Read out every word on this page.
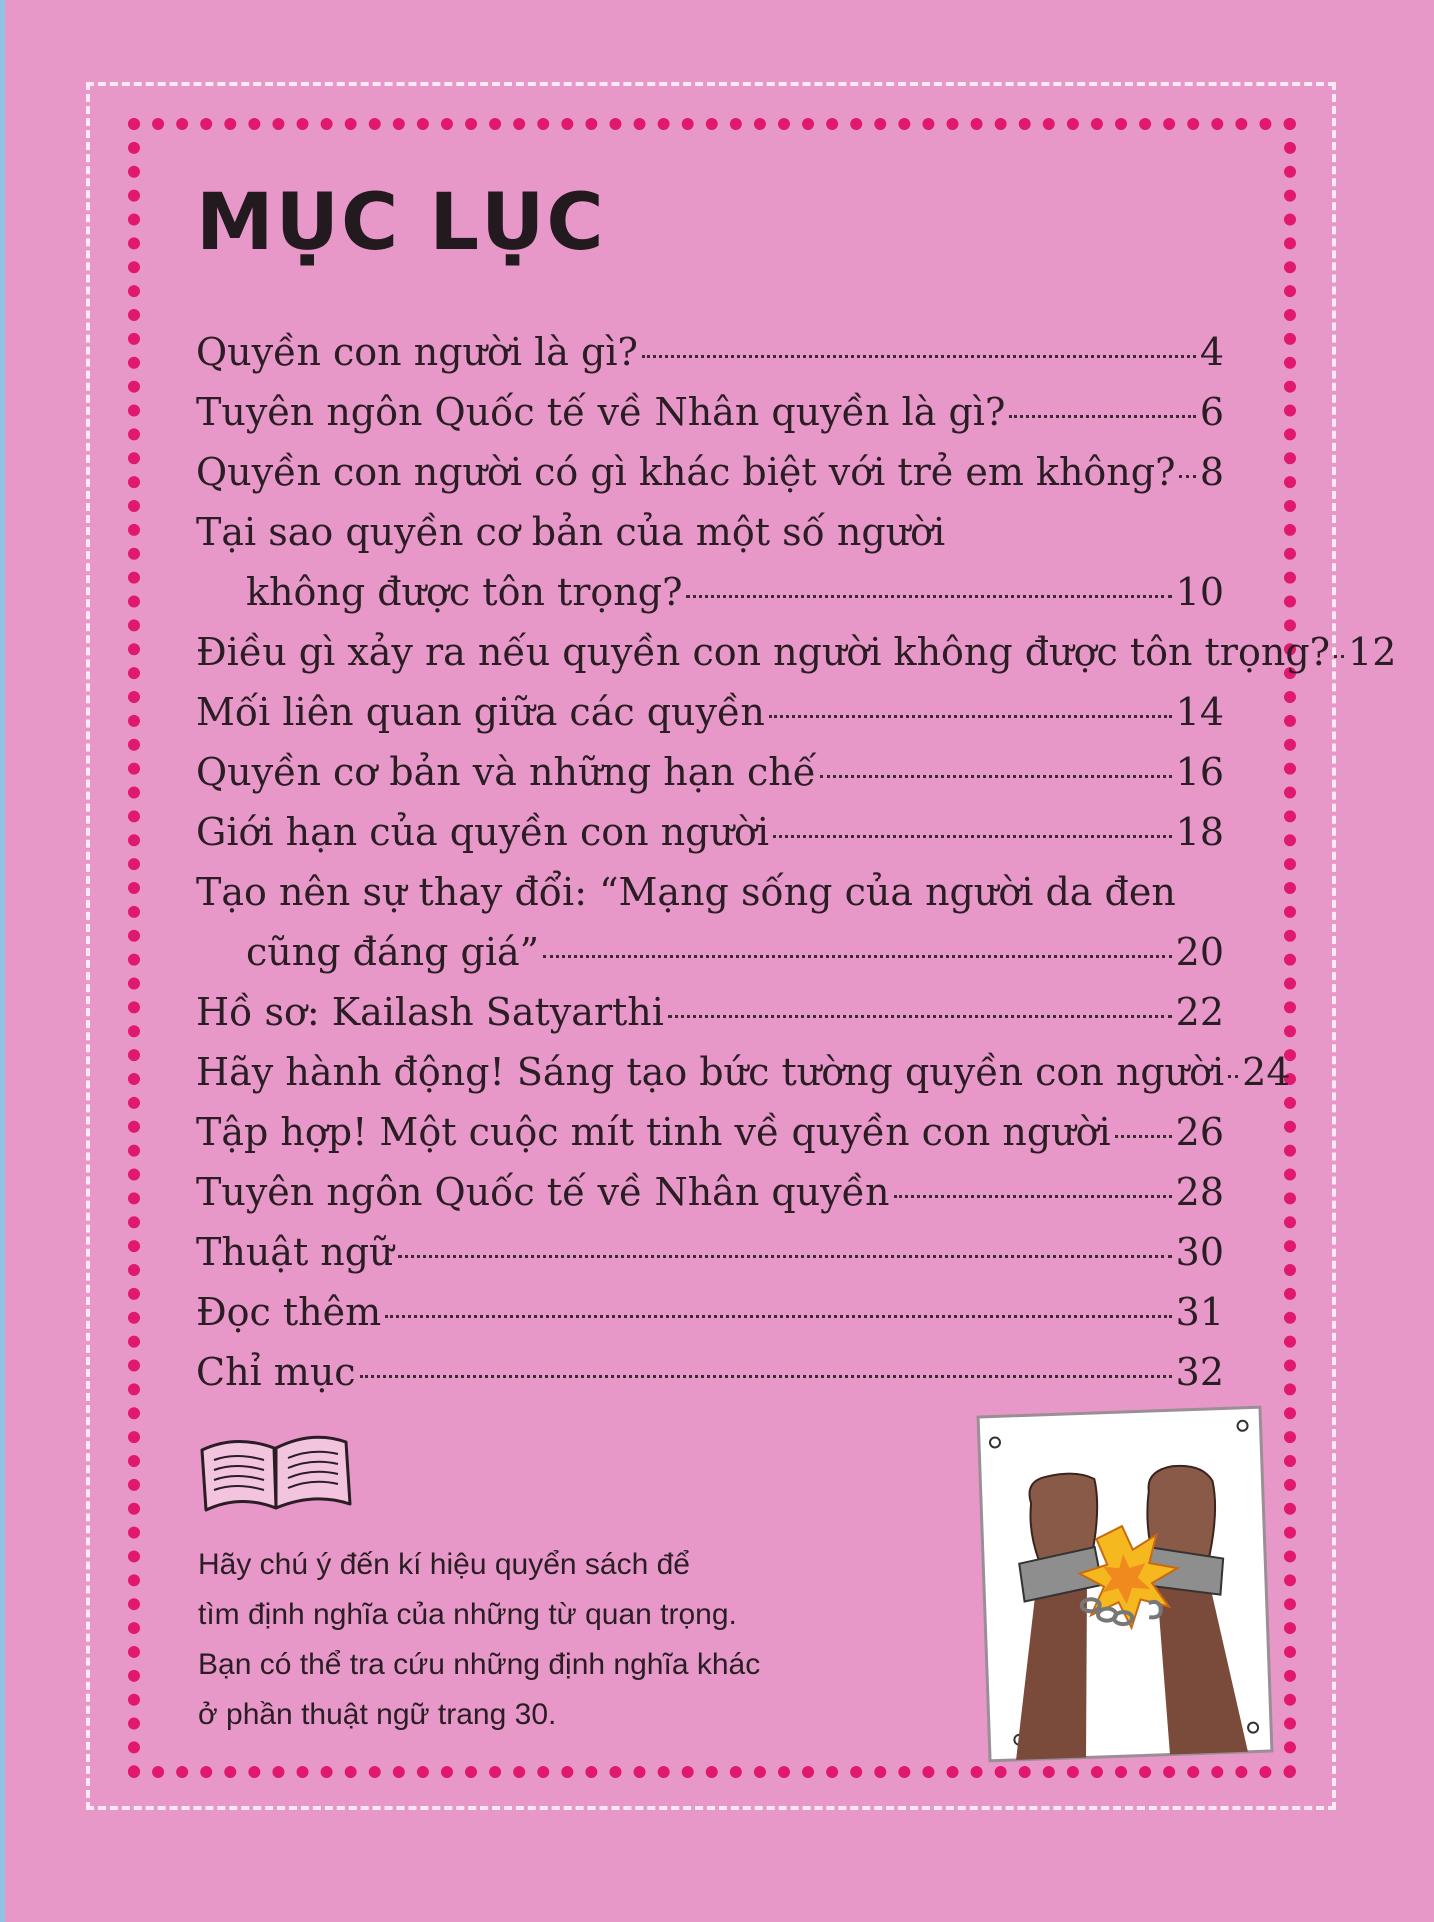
MỤC LỤC
Quyền con người là gì?	4
Tuyên ngôn Quốc tế về Nhân quyền là gì?	6
Quyền con người có gì khác biệt với trẻ em không? 8
Tại sao quyền cơ bản của một số người
không được tôn trọng?	10
Điều gì xảy ra nếu quyền con người không được tôn trọng? 12
Mối liên quan giữa các quyền	14
Quyền cơ bản và những hạn chế	16
Giới hạn của quyền con người	18
Tạo nên sự thay đổi: “Mạng sống của người da đen
cũng đáng giá”	20
Hồ sơ: Kailash Satyarthi	22
Hãy hành động! Sáng tạo bức tường quyền con người 24
Tập hợp! Một cuộc mít tinh về quyền con người 26
Tuyên ngôn Quốc tế về Nhân quyền	28
Thuật ngữ	30
Đọc thêm	31
Chỉ mục	32
Hãy chú ý đến kí hiệu quyển sách để
tìm định nghĩa của những từ quan trọng.
Bạn có thể tra cứu những định nghĩa khác
ở phần thuật ngữ trang 30.
